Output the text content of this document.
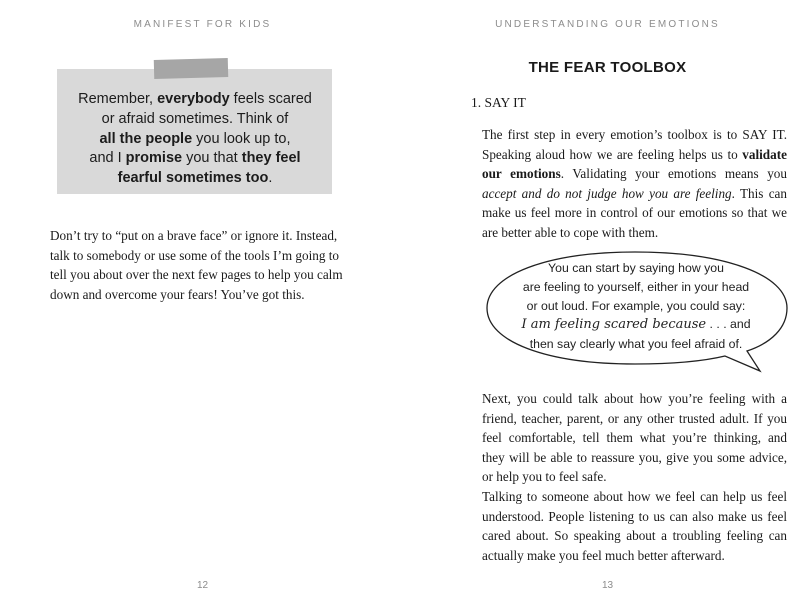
MANIFEST FOR KIDS
Remember, everybody feels scared
or afraid sometimes. Think of
all the people you look up to,
and I promise you that they feel
fearful sometimes too.
Don’t try to “put on a brave face” or ignore it. Instead, talk to somebody or use some of the tools I’m going to tell you about over the next few pages to help you calm down and overcome your fears! You’ve got this.
12
UNDERSTANDING OUR EMOTIONS
THE FEAR TOOLBOX
1. SAY IT
The first step in every emotion’s toolbox is to SAY IT. Speaking aloud how we are feeling helps us to validate our emotions. Validating your emotions means you accept and do not judge how you are feeling. This can make us feel more in control of our emotions so that we are better able to cope with them.
You can start by saying how you
are feeling to yourself, either in your head
or out loud. For example, you could say:
I am feeling scared because . . . and
then say clearly what you feel afraid of.
Next, you could talk about how you’re feeling with a friend, teacher, parent, or any other trusted adult. If you feel comfortable, tell them what you’re thinking, and they will be able to reassure you, give you some advice, or help you to feel safe.
Talking to someone about how we feel can help us feel understood. People listening to us can also make us feel cared about. So speaking about a troubling feeling can actually make you feel much better afterward.
13
